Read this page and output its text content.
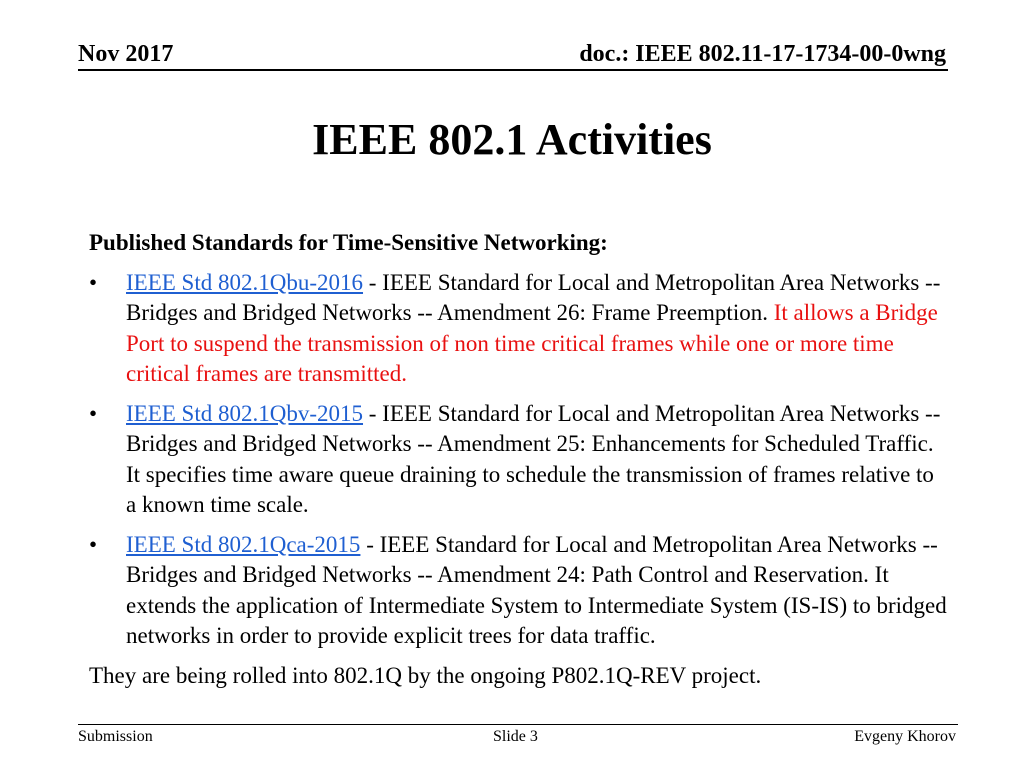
Nov 2017	doc.: IEEE 802.11-17-1734-00-0wng
IEEE 802.1 Activities
Published Standards for Time-Sensitive Networking:
• IEEE Std 802.1Qbu-2016 - IEEE Standard for Local and Metropolitan Area Networks -- Bridges and Bridged Networks -- Amendment 26: Frame Preemption. It allows a Bridge Port to suspend the transmission of non time critical frames while one or more time critical frames are transmitted.
• IEEE Std 802.1Qbv-2015 - IEEE Standard for Local and Metropolitan Area Networks -- Bridges and Bridged Networks -- Amendment 25: Enhancements for Scheduled Traffic. It specifies time aware queue draining to schedule the transmission of frames relative to a known time scale.
• IEEE Std 802.1Qca-2015 - IEEE Standard for Local and Metropolitan Area Networks -- Bridges and Bridged Networks -- Amendment 24: Path Control and Reservation. It extends the application of Intermediate System to Intermediate System (IS-IS) to bridged networks in order to provide explicit trees for data traffic.
They are being rolled into 802.1Q by the ongoing P802.1Q-REV project.
Submission	Slide 3	Evgeny Khorov
